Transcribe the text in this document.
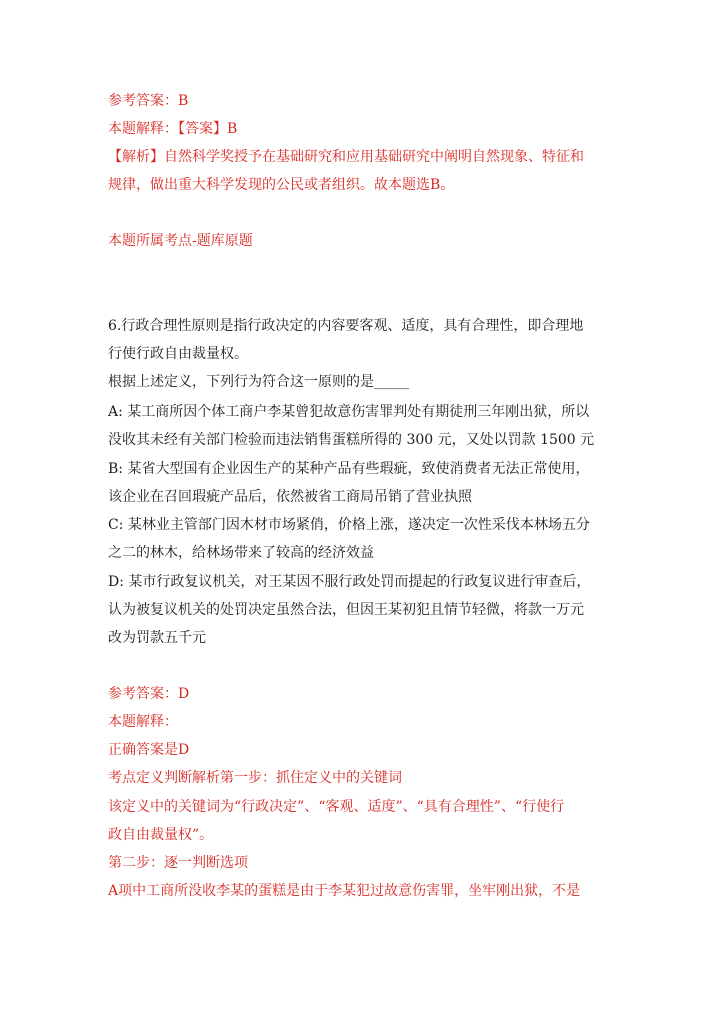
参考答案：B
本题解释：【答案】B
【解析】自然科学奖授予在基础研究和应用基础研究中阐明自然现象、特征和
规律，做出重大科学发现的公民或者组织。故本题选B。
本题所属考点-题库原题
6.行政合理性原则是指行政决定的内容要客观、适度，具有合理性，即合理地
行使行政自由裁量权。
根据上述定义，下列行为符合这一原则的是_____
A: 某工商所因个体工商户李某曾犯故意伤害罪判处有期徒刑三年刚出狱，所以
没收其未经有关部门检验而违法销售蛋糕所得的 300 元，又处以罚款 1500 元
B: 某省大型国有企业因生产的某种产品有些瑕疵，致使消费者无法正常使用，
该企业在召回瑕疵产品后，依然被省工商局吊销了营业执照
C: 某林业主管部门因木材市场紧俏，价格上涨，遂决定一次性采伐本林场五分
之二的林木，给林场带来了较高的经济效益
D: 某市行政复议机关，对王某因不服行政处罚而提起的行政复议进行审查后，
认为被复议机关的处罚决定虽然合法，但因王某初犯且情节轻微，将款一万元
改为罚款五千元
参考答案：D
本题解释：
正确答案是D
考点定义判断解析第一步：抓住定义中的关键词
该定义中的关键词为“行政决定”、“客观、适度”、“具有合理性”、“行使行
政自由裁量权”。
第二步：逐一判断选项
A项中工商所没收李某的蛋糕是由于李某犯过故意伤害罪，坐牢刚出狱，不是
